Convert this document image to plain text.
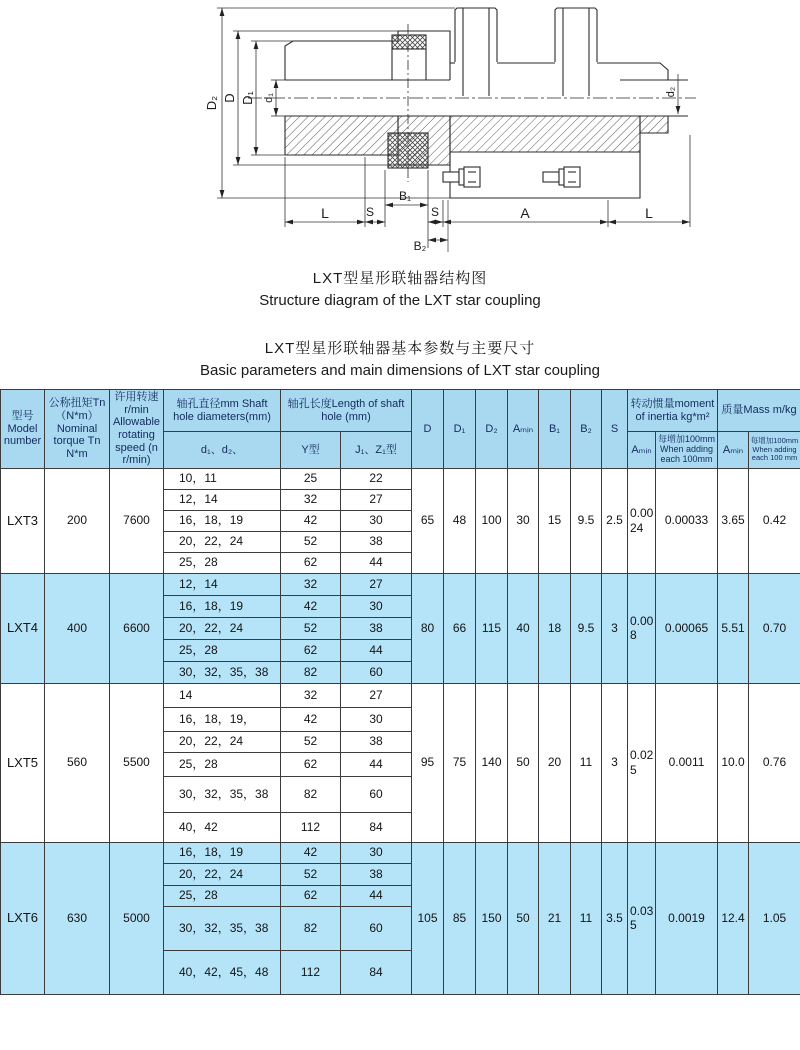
D₂ D D₁ d₁
d₂
L	S
B₁
S	A	L
B₂
LXT型星形联轴器结构图
Structure diagram of the LXT star coupling
LXT型星形联轴器基本参数与主要尺寸
Basic parameters and main dimensions of LXT star coupling
型号
Model number	公称扭矩Tn（N*m） Nominal torque Tn N*m	许用转速r/min Allowable rotating speed (n r/min)	轴孔直径mm Shaft hole diameters(mm)	轴孔长度Length of shaft hole (mm)		D	D₁	D₂	Aₘᵢₙ	B₁	B₂	S	转动惯量moment of inertia kg*m²		质量Mass m/kg	
			d₁、d₂、	Y型	J₁、Z₁型								Aₘᵢₙ	每增加100mm When adding each 100mm	Aₘᵢₙ	每增加100mm When adding each 100 mm
LXT3	200	7600	10，11	25	22	65	48	100	30	15	9.5	2.5	0.0024	0.00033	3.65	0.42
			12，14	32	27											
			16，18，19	42	30											
			20，22，24	52	38											
			25，28	62	44											
LXT4	400	6600	12，14	32	27	80	66	115	40	18	9.5	3	0.008	0.00065	5.51	0.70
			16，18，19	42	30											
			20，22，24	52	38											
			25，28	62	44											
			30，32，35，38	82	60											
LXT5	560	5500	14	32	27	95	75	140	50	20	11	3	0.025	0.0011	10.0	0.76
			16，18，19，	42	30											
			20，22，24	52	38											
			25，28	62	44											
			30，32，35，38	82	60											
			40，42	112	84											
LXT6	630	5000	16，18，19	42	30	105	85	150	50	21	11	3.5	0.035	0.0019	12.4	1.05
			20，22，24	52	38											
			25，28	62	44											
			30，32，35，38	82	60											
			40，42，45，48	112	84											
